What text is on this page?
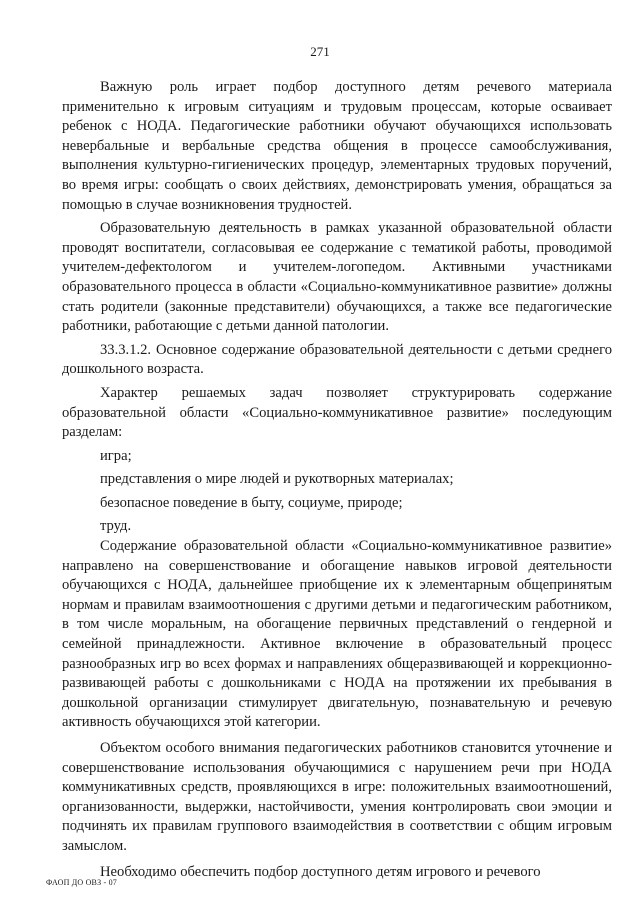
271

Важную роль играет подбор доступного детям речевого материала применительно к игровым ситуациям и трудовым процессам, которые осваивает ребенок с НОДА. Педагогические работники обучают обучающихся использовать невербальные и вербальные средства общения в процессе самообслуживания, выполнения культурно-гигиенических процедур, элементарных трудовых поручений, во время игры: сообщать о своих действиях, демонстрировать умения, обращаться за помощью в случае возникновения трудностей.

Образовательную деятельность в рамках указанной образовательной области проводят воспитатели, согласовывая ее содержание с тематикой работы, проводимой учителем-дефектологом и учителем-логопедом. Активными участниками образовательного процесса в области «Социально-коммуникативное развитие» должны стать родители (законные представители) обучающихся, а также все педагогические работники, работающие с детьми данной патологии.

33.3.1.2. Основное содержание образовательной деятельности с детьми среднего дошкольного возраста.

Характер решаемых задач позволяет структурировать содержание образовательной области «Социально-коммуникативное развитие» последующим разделам:

игра;

представления о мире людей и рукотворных материалах;

безопасное поведение в быту, социуме, природе;

труд.

Содержание образовательной области «Социально-коммуникативное развитие» направлено на совершенствование и обогащение навыков игровой деятельности обучающихся с НОДА, дальнейшее приобщение их к элементарным общепринятым нормам и правилам взаимоотношения с другими детьми и педагогическим работником, в том числе моральным, на обогащение первичных представлений о гендерной и семейной принадлежности. Активное включение в образовательный процесс разнообразных игр во всех формах и направлениях общеразвивающей и коррекционно-развивающей работы с дошкольниками с НОДА на протяжении их пребывания в дошкольной организации стимулирует двигательную, познавательную и речевую активность обучающихся этой категории.

Объектом особого внимания педагогических работников становится уточнение и совершенствование использования обучающимися с нарушением речи при НОДА коммуникативных средств, проявляющихся в игре: положительных взаимоотношений, организованности, выдержки, настойчивости, умения контролировать свои эмоции и подчинять их правилам группового взаимодействия в соответствии с общим игровым замыслом.

Необходимо обеспечить подбор доступного детям игрового и речевого

ФАОП ДО ОВЗ - 07
